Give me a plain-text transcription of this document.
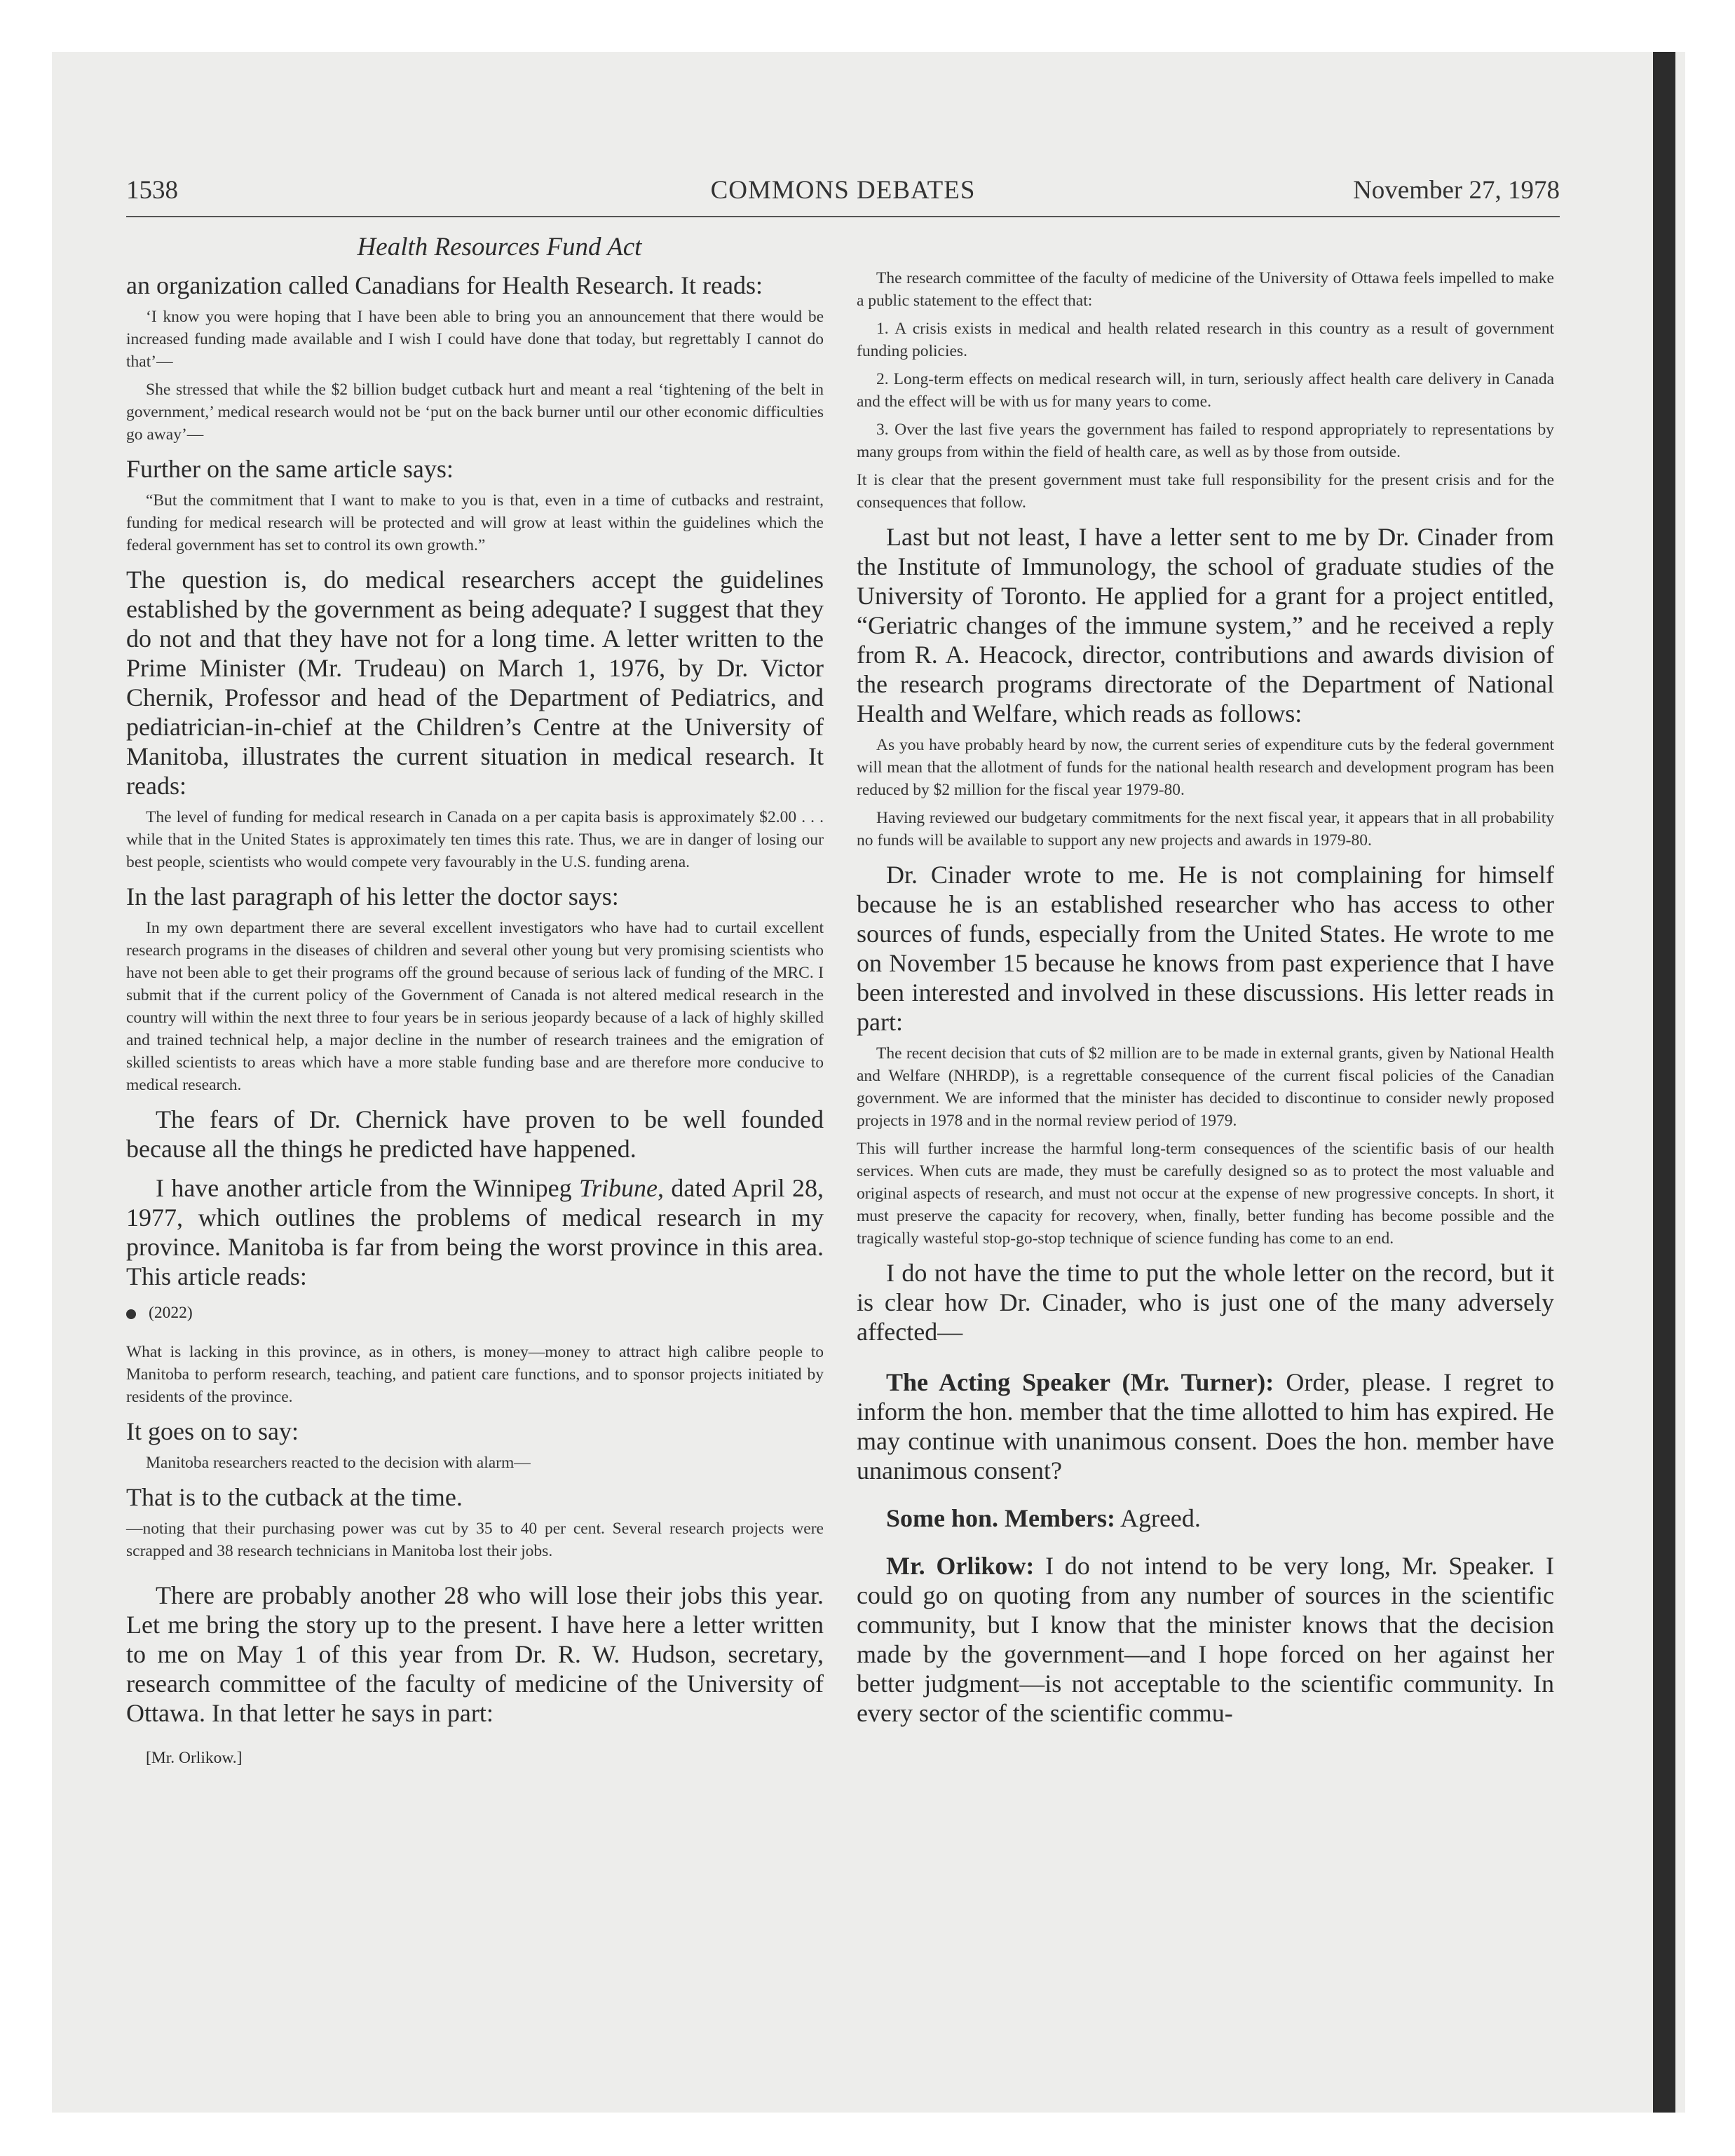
1538	COMMONS DEBATES	November 27, 1978
Health Resources Fund Act

an organization called Canadians for Health Research. It reads:

‘I know you were hoping that I have been able to bring you an announcement that there would be increased funding made available and I wish I could have done that today, but regrettably I cannot do that’—

She stressed that while the $2 billion budget cutback hurt and meant a real ‘tightening of the belt in government,’ medical research would not be ‘put on the back burner until our other economic difficulties go away’—

Further on the same article says:

“But the commitment that I want to make to you is that, even in a time of cutbacks and restraint, funding for medical research will be protected and will grow at least within the guidelines which the federal government has set to control its own growth.”

The question is, do medical researchers accept the guidelines established by the government as being adequate? I suggest that they do not and that they have not for a long time. A letter written to the Prime Minister (Mr. Trudeau) on March 1, 1976, by Dr. Victor Chernik, Professor and head of the Department of Pediatrics, and pediatrician-in-chief at the Children’s Centre at the University of Manitoba, illustrates the current situation in medical research. It reads:

The level of funding for medical research in Canada on a per capita basis is approximately $2.00 . . . while that in the United States is approximately ten times this rate. Thus, we are in danger of losing our best people, scientists who would compete very favourably in the U.S. funding arena.

In the last paragraph of his letter the doctor says:

In my own department there are several excellent investigators who have had to curtail excellent research programs in the diseases of children and several other young but very promising scientists who have not been able to get their programs off the ground because of serious lack of funding of the MRC. I submit that if the current policy of the Government of Canada is not altered medical research in the country will within the next three to four years be in serious jeopardy because of a lack of highly skilled and trained technical help, a major decline in the number of research trainees and the emigration of skilled scientists to areas which have a more stable funding base and are therefore more conducive to medical research.

The fears of Dr. Chernick have proven to be well founded because all the things he predicted have happened.

I have another article from the Winnipeg Tribune, dated April 28, 1977, which outlines the problems of medical research in my province. Manitoba is far from being the worst province in this area. This article reads:

(2022)

What is lacking in this province, as in others, is money—money to attract high calibre people to Manitoba to perform research, teaching, and patient care functions, and to sponsor projects initiated by residents of the province.

It goes on to say:

Manitoba researchers reacted to the decision with alarm—

That is to the cutback at the time.

—noting that their purchasing power was cut by 35 to 40 per cent. Several research projects were scrapped and 38 research technicians in Manitoba lost their jobs.

There are probably another 28 who will lose their jobs this year. Let me bring the story up to the present. I have here a letter written to me on May 1 of this year from Dr. R. W. Hudson, secretary, research committee of the faculty of medicine of the University of Ottawa. In that letter he says in part:

[Mr. Orlikow.]

The research committee of the faculty of medicine of the University of Ottawa feels impelled to make a public statement to the effect that:

1. A crisis exists in medical and health related research in this country as a result of government funding policies.

2. Long-term effects on medical research will, in turn, seriously affect health care delivery in Canada and the effect will be with us for many years to come.

3. Over the last five years the government has failed to respond appropriately to representations by many groups from within the field of health care, as well as by those from outside.

It is clear that the present government must take full responsibility for the present crisis and for the consequences that follow.

Last but not least, I have a letter sent to me by Dr. Cinader from the Institute of Immunology, the school of graduate studies of the University of Toronto. He applied for a grant for a project entitled, “Geriatric changes of the immune system,” and he received a reply from R. A. Heacock, director, contributions and awards division of the research programs directorate of the Department of National Health and Welfare, which reads as follows:

As you have probably heard by now, the current series of expenditure cuts by the federal government will mean that the allotment of funds for the national health research and development program has been reduced by $2 million for the fiscal year 1979-80.

Having reviewed our budgetary commitments for the next fiscal year, it appears that in all probability no funds will be available to support any new projects and awards in 1979-80.

Dr. Cinader wrote to me. He is not complaining for himself because he is an established researcher who has access to other sources of funds, especially from the United States. He wrote to me on November 15 because he knows from past experience that I have been interested and involved in these discussions. His letter reads in part:

The recent decision that cuts of $2 million are to be made in external grants, given by National Health and Welfare (NHRDP), is a regrettable consequence of the current fiscal policies of the Canadian government. We are informed that the minister has decided to discontinue to consider newly proposed projects in 1978 and in the normal review period of 1979.

This will further increase the harmful long-term consequences of the scientific basis of our health services. When cuts are made, they must be carefully designed so as to protect the most valuable and original aspects of research, and must not occur at the expense of new progressive concepts. In short, it must preserve the capacity for recovery, when, finally, better funding has become possible and the tragically wasteful stop-go-stop technique of science funding has come to an end.

I do not have the time to put the whole letter on the record, but it is clear how Dr. Cinader, who is just one of the many adversely affected—

The Acting Speaker (Mr. Turner): Order, please. I regret to inform the hon. member that the time allotted to him has expired. He may continue with unanimous consent. Does the hon. member have unanimous consent?

Some hon. Members: Agreed.

Mr. Orlikow: I do not intend to be very long, Mr. Speaker. I could go on quoting from any number of sources in the scientific community, but I know that the minister knows that the decision made by the government—and I hope forced on her against her better judgment—is not acceptable to the scientific community. In every sector of the scientific commu-
